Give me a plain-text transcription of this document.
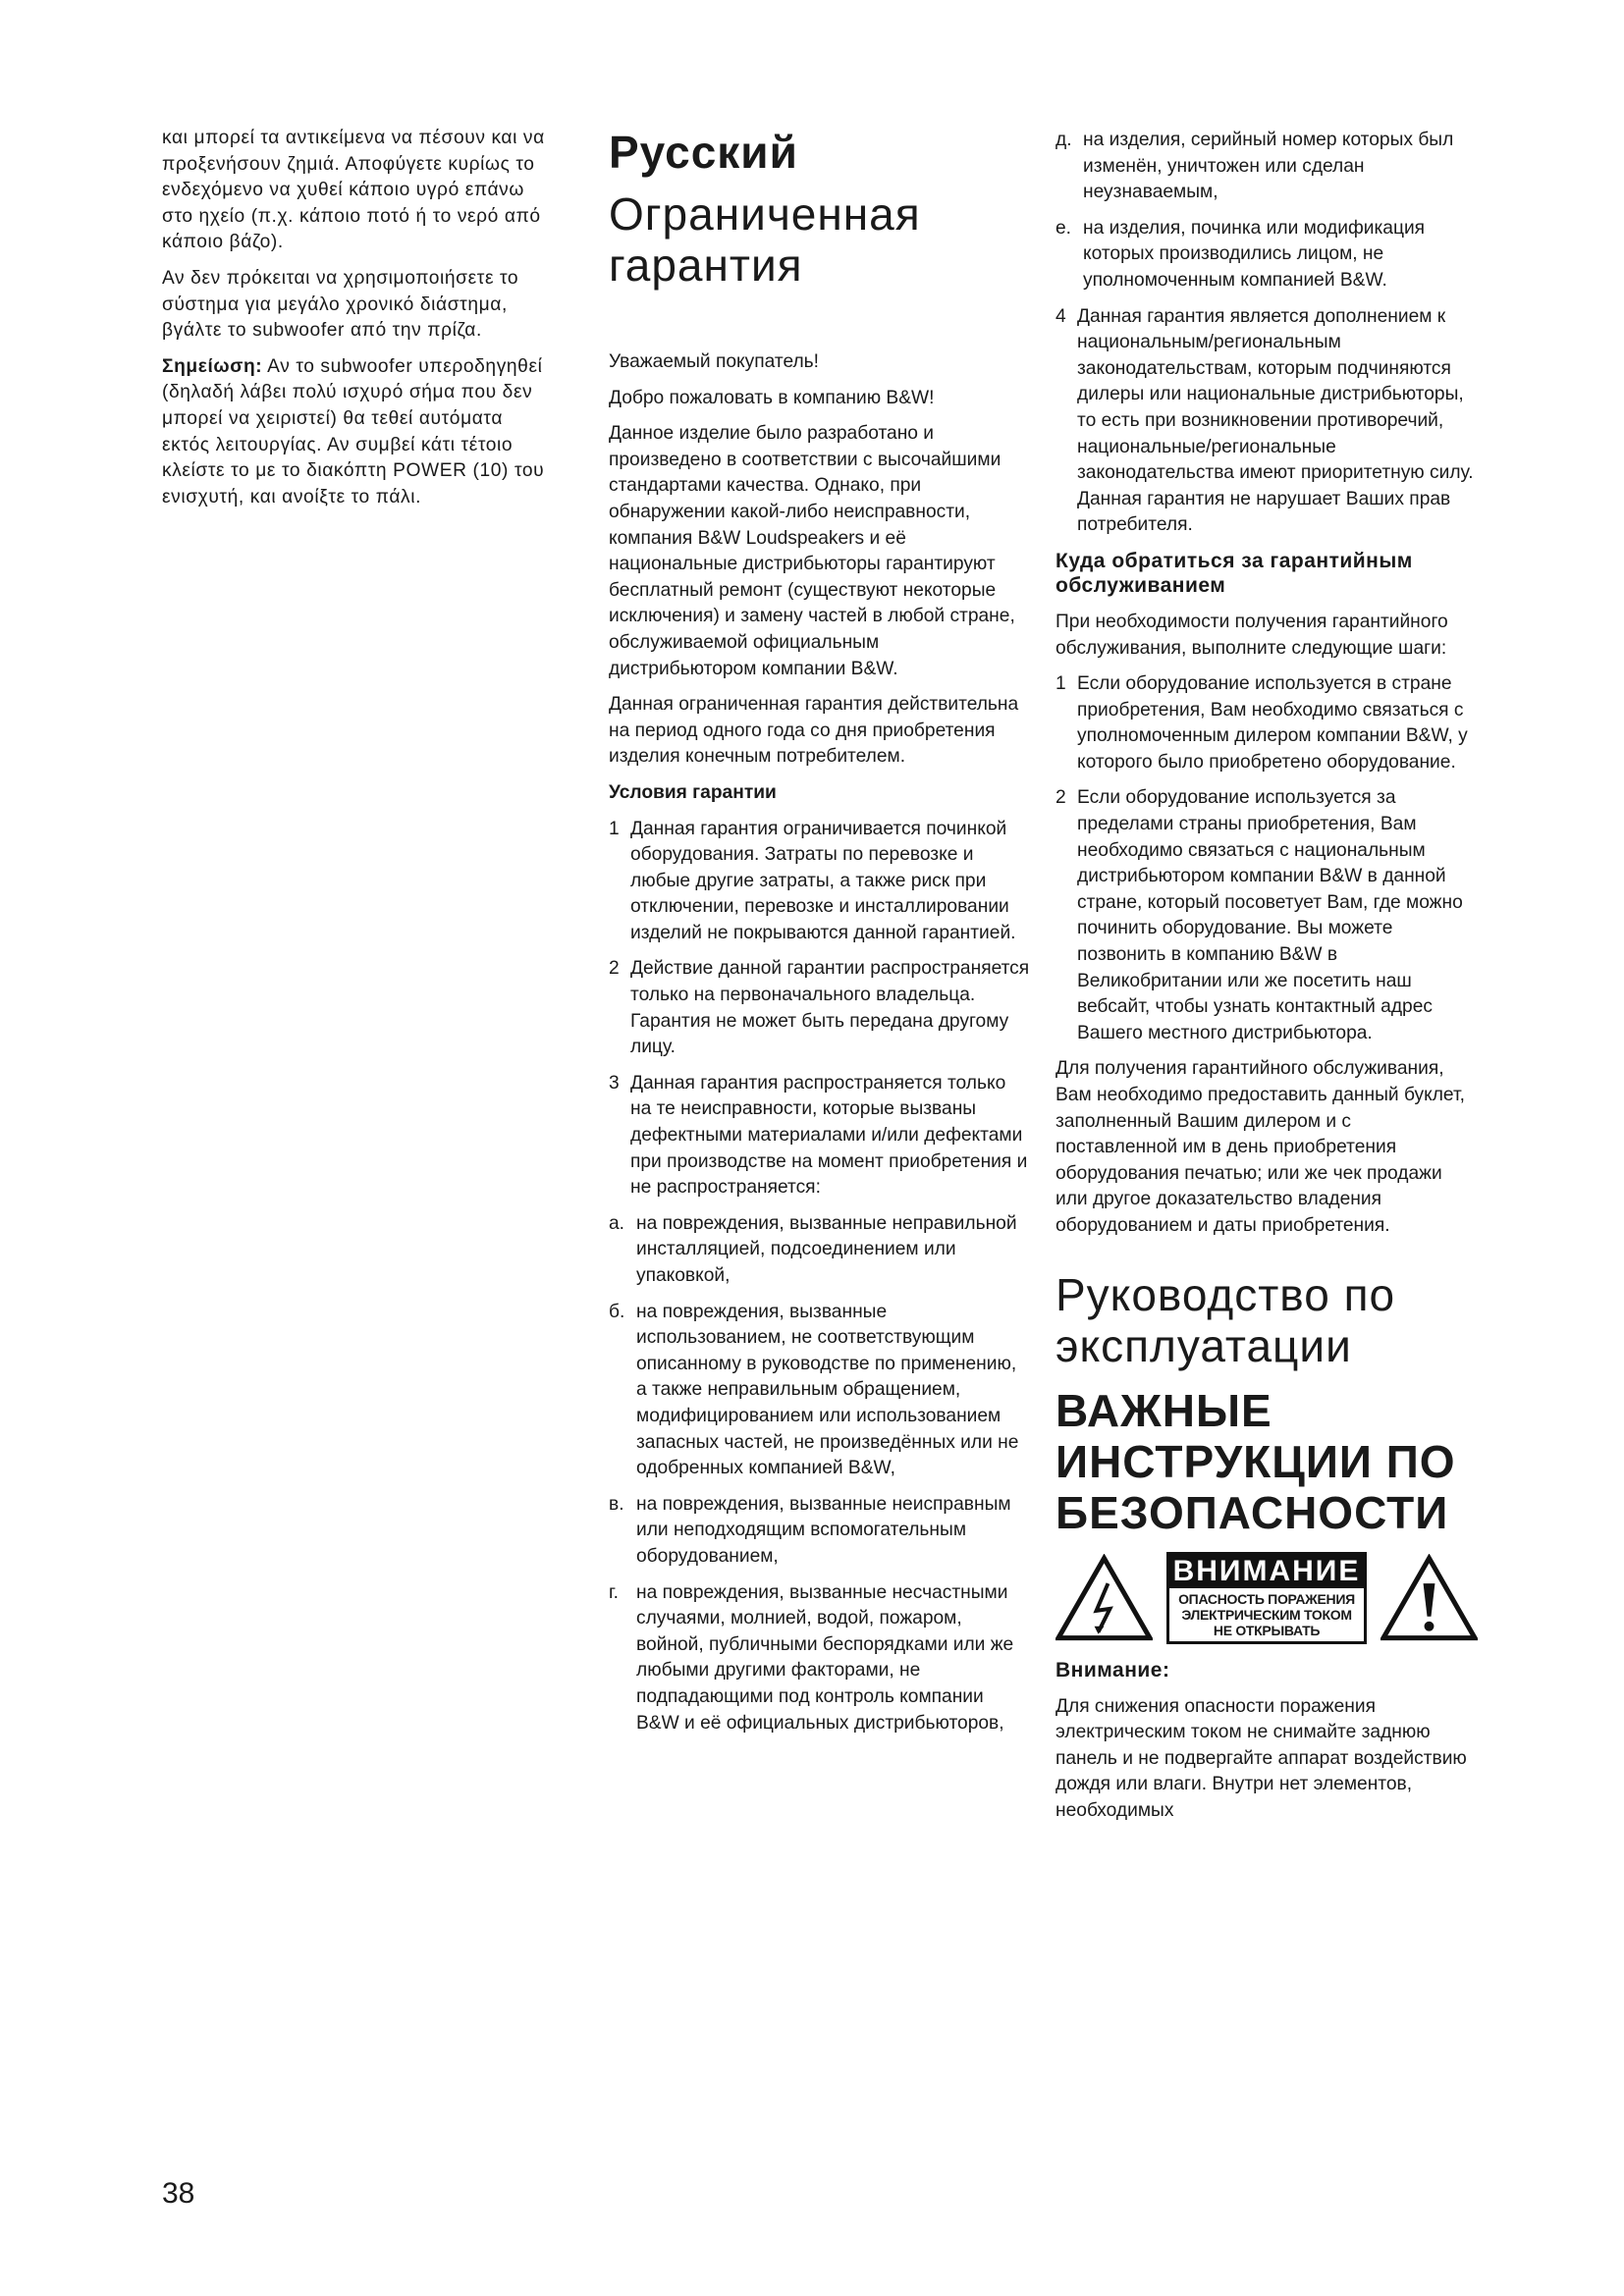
και μπορεί τα αντικείμενα να πέσουν και να προξενήσουν ζημιά. Αποφύγετε κυρίως το ενδεχόμενο να χυθεί κάποιο υγρό επάνω στο ηχείο (π.χ. κάποιο ποτό ή το νερό από κάποιο βάζο).

Αν δεν πρόκειται να χρησιμοποιήσετε το σύστημα για μεγάλο χρονικό διάστημα, βγάλτε το subwoofer από την πρίζα.

Σημείωση: Αν το subwoofer υπεροδηγηθεί (δηλαδή λάβει πολύ ισχυρό σήμα που δεν μπορεί να χειριστεί) θα τεθεί αυτόματα εκτός λειτουργίας. Αν συμβεί κάτι τέτοιο κλείστε το με το διακόπτη POWER (10) του ενισχυτή, και ανοίξτε το πάλι.

Русский
Ограниченная гарантия

Уважаемый покупатель!

Добро пожаловать в компанию B&W!

Данное изделие было разработано и произведено в соответствии с высочайшими стандартами качества. Однако, при обнаружении какой-либо неисправности, компания B&W Loudspeakers и её национальные дистрибьюторы гарантируют бесплатный ремонт (существуют некоторые исключения) и замену частей в любой стране, обслуживаемой официальным дистрибьютором компании B&W.

Данная ограниченная гарантия действительна на период одного года со дня приобретения изделия конечным потребителем.

Условия гарантии

1 Данная гарантия ограничивается починкой оборудования. Затраты по перевозке и любые другие затраты, а также риск при отключении, перевозке и инсталлировании изделий не покрываются данной гарантией.
2 Действие данной гарантии распространяется только на первоначального владельца. Гарантия не может быть передана другому лицу.
3 Данная гарантия распространяется только на те неисправности, которые вызваны дефектными материалами и/или дефектами при производстве на момент приобретения и не распространяется:
а. на повреждения, вызванные неправильной инсталляцией, подсоединением или упаковкой,
б. на повреждения, вызванные использованием, не соответствующим описанному в руководстве по применению, а также неправильным обращением, модифицированием или использованием запасных частей, не произведённых или не одобренных компанией B&W,
в. на повреждения, вызванные неисправным или неподходящим вспомогательным оборудованием,
г. на повреждения, вызванные несчастными случаями, молнией, водой, пожаром, войной, публичными беспорядками или же любыми другими факторами, не подпадающими под контроль компании B&W и её официальных дистрибьюторов,
д. на изделия, серийный номер которых был изменён, уничтожен или сделан неузнаваемым,
е. на изделия, починка или модификация которых производились лицом, не уполномоченным компанией B&W.
4 Данная гарантия является дополнением к национальным/региональным законодательствам, которым подчиняются дилеры или национальные дистрибьюторы, то есть при возникновении противоречий, национальные/региональные законодательства имеют приоритетную силу. Данная гарантия не нарушает Ваших прав потребителя.

Куда обратиться за гарантийным обслуживанием

При необходимости получения гарантийного обслуживания, выполните следующие шаги:

1 Если оборудование используется в стране приобретения, Вам необходимо связаться с уполномоченным дилером компании B&W, у которого было приобретено оборудование.
2 Если оборудование используется за пределами страны приобретения, Вам необходимо связаться с национальным дистрибьютором компании B&W в данной стране, который посоветует Вам, где можно починить оборудование. Вы можете позвонить в компанию B&W в Великобритании или же посетить наш вебсайт, чтобы узнать контактный адрес Вашего местного дистрибьютора.

Для получения гарантийного обслуживания, Вам необходимо предоставить данный буклет, заполненный Вашим дилером и с поставленной им в день приобретения оборудования печатью; или же чек продажи или другое доказательство владения оборудованием и даты приобретения.

Руководство по эксплуатации
ВАЖНЫЕ ИНСТРУКЦИИ ПО БЕЗОПАСНОСТИ
ВНИМАНИЕ
ОПАСНОСТЬ ПОРАЖЕНИЯ
ЭЛЕКТРИЧЕСКИМ ТОКОМ
НЕ ОТКРЫВАТЬ

Внимание:

Для снижения опасности поражения электрическим током не снимайте заднюю панель и не подвергайте аппарат воздействию дождя или влаги. Внутри нет элементов, необходимых

38
